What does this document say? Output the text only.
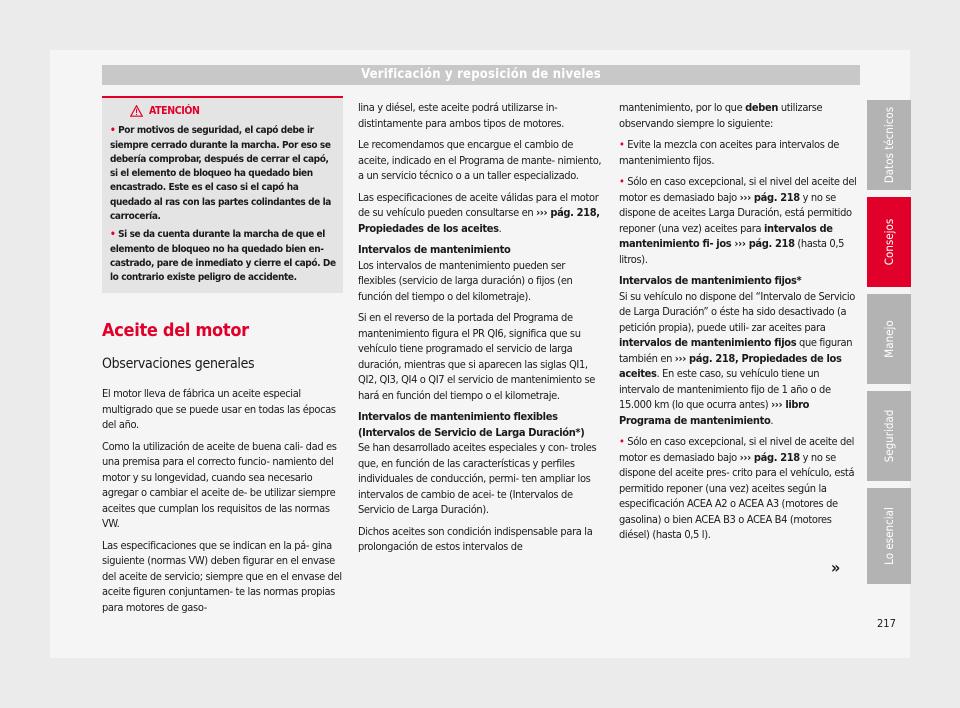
Verificación y reposición de niveles
ATENCIÓN
• Por motivos de seguridad, el capó debe ir siempre cerrado durante la marcha. Por eso se debería comprobar, después de cerrar el capó, si el elemento de bloqueo ha quedado bien encastrado. Este es el caso si el capó ha quedado al ras con las partes colindantes de la carrocería.
• Si se da cuenta durante la marcha de que el elemento de bloqueo no ha quedado bien en- castrado, pare de inmediato y cierre el capó. De lo contrario existe peligro de accidente.
Aceite del motor
Observaciones generales

El motor lleva de fábrica un aceite especial multigrado que se puede usar en todas las épocas del año.

Como la utilización de aceite de buena cali- dad es una premisa para el correcto funcio- namiento del motor y su longevidad, cuando sea necesario agregar o cambiar el aceite de- be utilizar siempre aceites que cumplan los requisitos de las normas VW.

Las especificaciones que se indican en la pá- gina siguiente (normas VW) deben figurar en el envase del aceite de servicio; siempre que en el envase del aceite figuren conjuntamen- te las normas propias para motores de gaso-

lina y diésel, este aceite podrá utilizarse in- distintamente para ambos tipos de motores.

Le recomendamos que encargue el cambio de aceite, indicado en el Programa de mante- nimiento, a un servicio técnico o a un taller especializado.

Las especificaciones de aceite válidas para el motor de su vehículo pueden consultarse en ››› pág. 218, Propiedades de los aceites.

Intervalos de mantenimiento

Los intervalos de mantenimiento pueden ser flexibles (servicio de larga duración) o fijos (en función del tiempo o del kilometraje).

Si en el reverso de la portada del Programa de mantenimiento figura el PR QI6, significa que su vehículo tiene programado el servicio de larga duración, mientras que si aparecen las siglas QI1, QI2, QI3, QI4 o QI7 el servicio de mantenimiento se hará en función del tiempo o el kilometraje.

Intervalos de mantenimiento flexibles (Intervalos de Servicio de Larga Duración*)

Se han desarrollado aceites especiales y con- troles que, en función de las características y perfiles individuales de conducción, permi- ten ampliar los intervalos de cambio de acei- te (Intervalos de Servicio de Larga Duración).

Dichos aceites son condición indispensable para la prolongación de estos intervalos de

mantenimiento, por lo que deben utilizarse observando siempre lo siguiente:

• Evite la mezcla con aceites para intervalos de mantenimiento fijos.

• Sólo en caso excepcional, si el nivel del aceite del motor es demasiado bajo ››› pág. 218 y no se dispone de aceites Larga Duración, está permitido reponer (una vez) aceites para intervalos de mantenimiento fi- jos ››› pág. 218 (hasta 0,5 litros).

Intervalos de mantenimiento fijos*

Si su vehículo no dispone del “Intervalo de Servicio de Larga Duración” o éste ha sido desactivado (a petición propia), puede utili- zar aceites para intervalos de mantenimiento fijos que figuran también en ››› pág. 218, Propiedades de los aceites. En este caso, su vehículo tiene un intervalo de mantenimiento fijo de 1 año o de 15.000 km (lo que ocurra antes) ››› libro Programa de mantenimiento.

• Sólo en caso excepcional, si el nivel de aceite del motor es demasiado bajo ››› pág. 218 y no se dispone del aceite pres- crito para el vehículo, está permitido reponer (una vez) aceites según la especificación ACEA A2 o ACEA A3 (motores de gasolina) o bien ACEA B3 o ACEA B4 (motores diésel) (hasta 0,5 l).

»
Datos técnicos
Consejos
Manejo
Seguridad
Lo esencial
217
